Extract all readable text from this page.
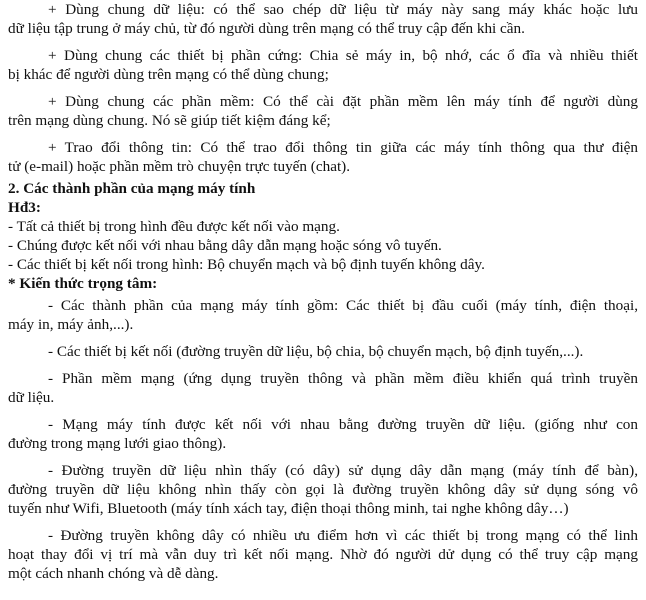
+ Dùng chung dữ liệu: có thể sao chép dữ liệu từ máy này sang máy khác hoặc lưu
dữ liệu tập trung ở máy chủ, từ đó người dùng trên mạng có thể truy cập đến khi cần.
+ Dùng chung các thiết bị phần cứng: Chia sẻ máy in, bộ nhớ, các ổ đĩa và nhiều thiết
bị khác để người dùng trên mạng có thể dùng chung;
+ Dùng chung các phần mềm: Có thể cài đặt phần mềm lên máy tính để người dùng
trên mạng dùng chung. Nó sẽ giúp tiết kiệm đáng kể;
+ Trao đổi thông tin: Có thể trao đổi thông tin giữa các máy tính thông qua thư điện
tử (e-mail) hoặc phần mềm trò chuyện trực tuyến (chat).
2. Các thành phần của mạng máy tính
Hđ3:
- Tất cả thiết bị trong hình đều được kết nối vào mạng.
- Chúng được kết nối với nhau bằng dây dẫn mạng hoặc sóng vô tuyến.
- Các thiết bị kết nối trong hình: Bộ chuyển mạch và bộ định tuyến không dây.
* Kiến thức trọng tâm:
- Các thành phần của mạng máy tính gồm: Các thiết bị đầu cuối (máy tính, điện thoại,
máy in, máy ảnh,...).
- Các thiết bị kết nối (đường truyền dữ liệu, bộ chia, bộ chuyển mạch, bộ định tuyến,...).
- Phần mềm mạng (ứng dụng truyền thông và phần mềm điều khiển quá trình truyền
dữ liệu.
- Mạng máy tính được kết nối với nhau bằng đường truyền dữ liệu. (giống như con
đường trong mạng lưới giao thông).
- Đường truyền dữ liệu nhìn thấy (có dây) sử dụng dây dẫn mạng (máy tính để bàn),
đường truyền dữ liệu không nhìn thấy còn gọi là đường truyền không dây sử dụng sóng vô
tuyến như Wifi, Bluetooth (máy tính xách tay, điện thoại thông minh, tai nghe không dây…)
- Đường truyền không dây có nhiều ưu điểm hơn vì các thiết bị trong mạng có thể linh
hoạt thay đổi vị trí mà vẫn duy trì kết nối mạng. Nhờ đó người dử dụng có thể truy cập mạng
một cách nhanh chóng và dễ dàng.
